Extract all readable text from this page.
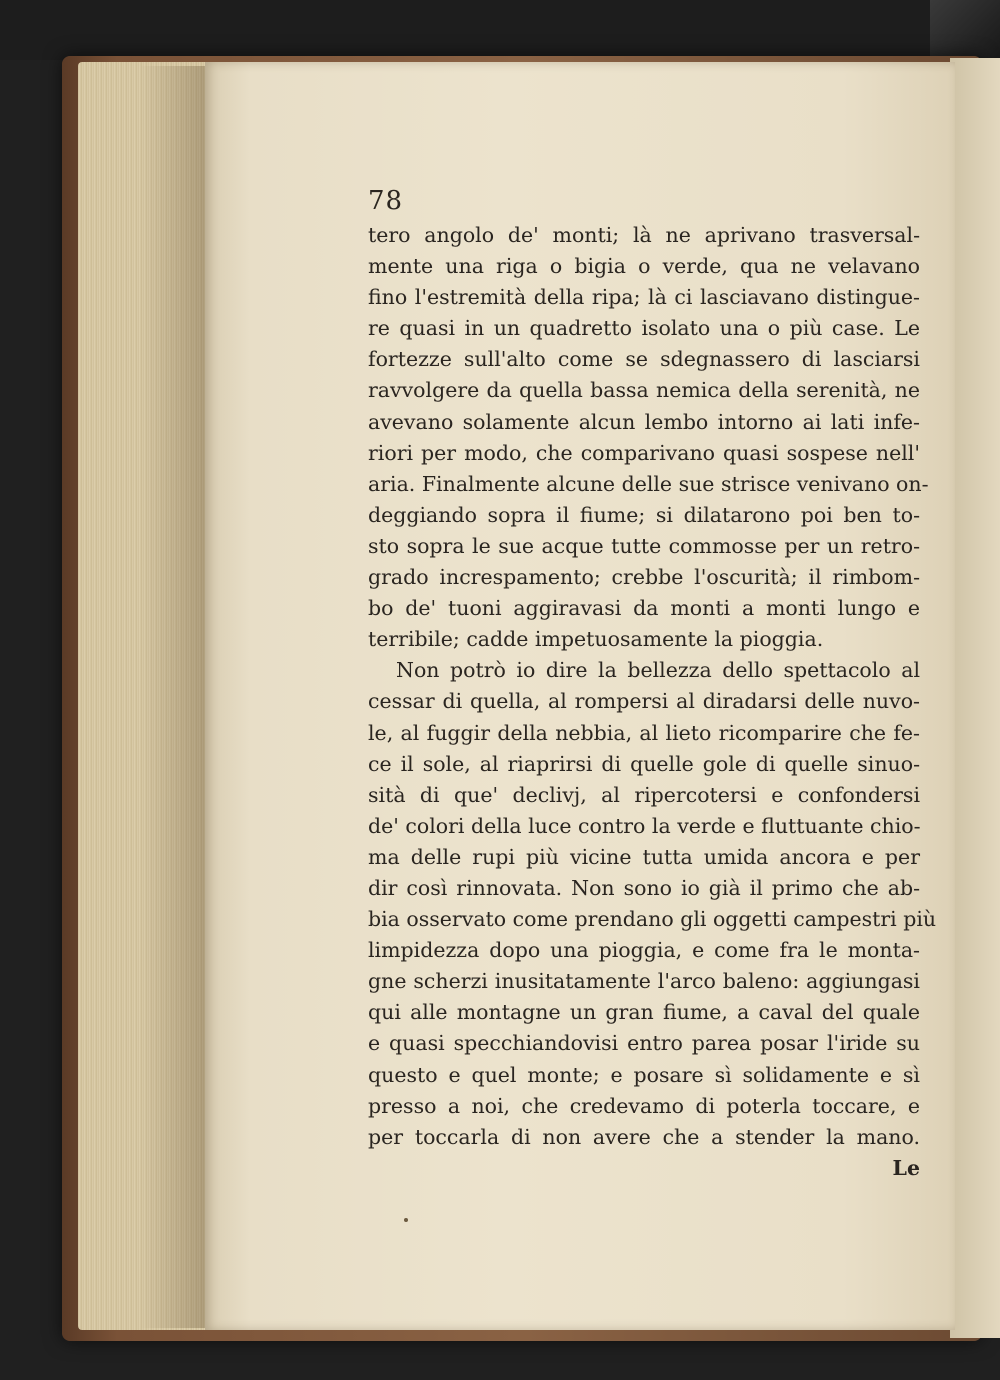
78
tero angolo de' monti; là ne aprivano trasversal-
mente una riga o bigia o verde, qua ne velavano
fino l'estremità della ripa; là ci lasciavano distingue-
re quasi in un quadretto isolato una o più case. Le
fortezze sull'alto come se sdegnassero di lasciarsi
ravvolgere da quella bassa nemica della serenità, ne
avevano solamente alcun lembo intorno ai lati infe-
riori per modo, che comparivano quasi sospese nell'
aria. Finalmente alcune delle sue strisce venivano on-
deggiando sopra il fiume; si dilatarono poi ben to-
sto sopra le sue acque tutte commosse per un retro-
grado increspamento; crebbe l'oscurità; il rimbom-
bo de' tuoni aggiravasi da monti a monti lungo e
terribile; cadde impetuosamente la pioggia.
Non potrò io dire la bellezza dello spettacolo al
cessar di quella, al rompersi al diradarsi delle nuvo-
le, al fuggir della nebbia, al lieto ricomparire che fe-
ce il sole, al riaprirsi di quelle gole di quelle sinuo-
sità di que' declivj, al ripercotersi e confondersi
de' colori della luce contro la verde e fluttuante chio-
ma delle rupi più vicine tutta umida ancora e per
dir così rinnovata. Non sono io già il primo che ab-
bia osservato come prendano gli oggetti campestri più
limpidezza dopo una pioggia, e come fra le monta-
gne scherzi inusitatamente l'arco baleno: aggiungasi
qui alle montagne un gran fiume, a caval del quale
e quasi specchiandovisi entro parea posar l'iride su
questo e quel monte; e posare sì solidamente e sì
presso a noi, che credevamo di poterla toccare, e
per toccarla di non avere che a stender la mano.
Le
